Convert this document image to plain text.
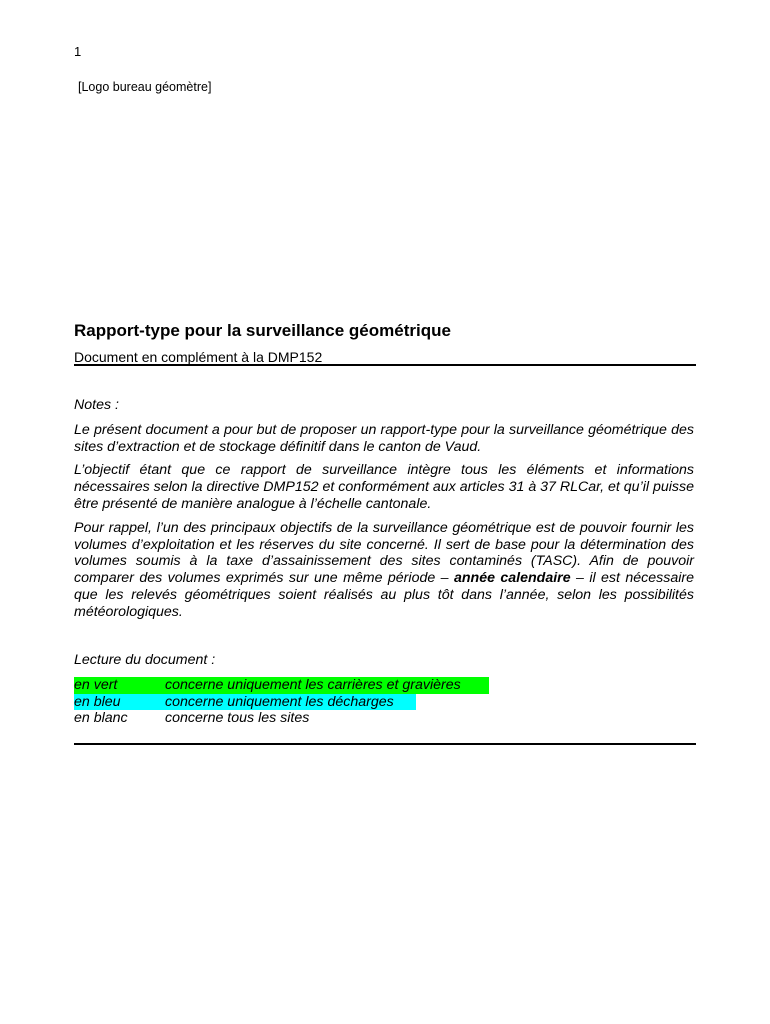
1
[Logo bureau géomètre]
Rapport-type pour la surveillance géométrique

Document en complément à la DMP152

Notes :

Le présent document a pour but de proposer un rapport-type pour la surveillance géométrique des sites d’extraction et de stockage définitif dans le canton de Vaud.

L’objectif étant que ce rapport de surveillance intègre tous les éléments et informations nécessaires selon la directive DMP152 et conformément aux articles 31 à 37 RLCar, et qu’il puisse être présenté de manière analogue à l’échelle cantonale.

Pour rappel, l’un des principaux objectifs de la surveillance géométrique est de pouvoir fournir les volumes d’exploitation et les réserves du site concerné. Il sert de base pour la détermination des volumes soumis à la taxe d’assainissement des sites contaminés (TASC). Afin de pouvoir comparer des volumes exprimés sur une même période – année calendaire – il est nécessaire que les relevés géométriques soient réalisés au plus tôt dans l’année, selon les possibilités météorologiques.

Lecture du document :

en vert	concerne uniquement les carrières et gravières
en bleu	concerne uniquement les décharges
en blanc	concerne tous les sites
